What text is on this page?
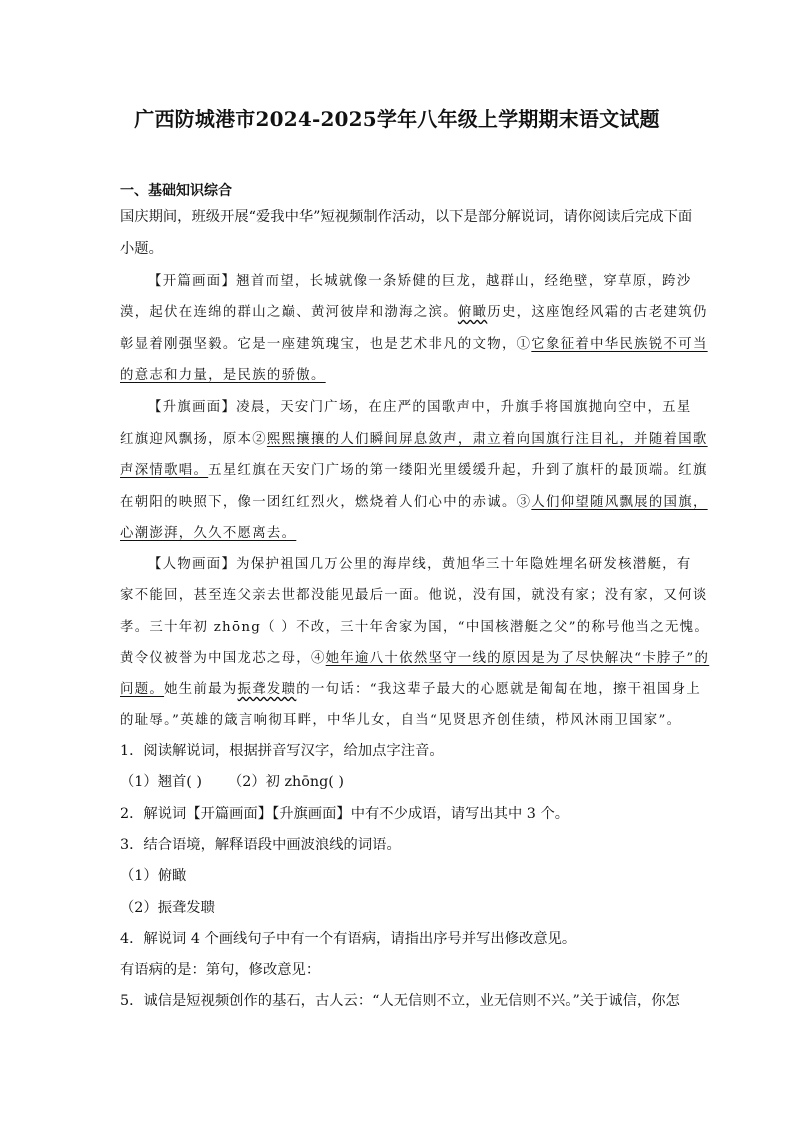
广西防城港市2024-2025学年八年级上学期期末语文试题
一、基础知识综合
国庆期间，班级开展“爱我中华”短视频制作活动，以下是部分解说词，请你阅读后完成下面
小题。
【开篇画面】翘首而望，长城就像一条矫健的巨龙，越群山，经绝壁，穿草原，跨沙
漠，起伏在连绵的群山之巅、黄河彼岸和渤海之滨。俯瞰历史，这座饱经风霜的古老建筑仍
彰显着刚强坚毅。它是一座建筑瑰宝，也是艺术非凡的文物，①它象征着中华民族锐不可当
的意志和力量，是民族的骄傲。
【升旗画面】凌晨，天安门广场，在庄严的国歌声中，升旗手将国旗抛向空中，五星
红旗迎风飘扬，原本②熙熙攘攘的人们瞬间屏息敛声，肃立着向国旗行注目礼，并随着国歌
声深情歌唱。五星红旗在天安门广场的第一缕阳光里缓缓升起，升到了旗杆的最顶端。红旗
在朝阳的映照下，像一团红红烈火，燃烧着人们心中的赤诚。③人们仰望随风飘展的国旗，
心潮澎湃，久久不愿离去。
【人物画面】为保护祖国几万公里的海岸线，黄旭华三十年隐姓埋名研发核潜艇，有
家不能回，甚至连父亲去世都没能见最后一面。他说，没有国，就没有家；没有家，又何谈
孝。三十年初 zhōng（ ）不改，三十年舍家为国，“中国核潜艇之父”的称号他当之无愧。
黄令仪被誉为中国龙芯之母，④她年逾八十依然坚守一线的原因是为了尽快解决“卡脖子”的
问题。她生前最为振聋发聩的一句话：“我这辈子最大的心愿就是匍匐在地，擦干祖国身上
的耻辱。”英雄的箴言响彻耳畔，中华儿女，自当“见贤思齐创佳绩，栉风沐雨卫国家”。
1．阅读解说词，根据拼音写汉字，给加点字注音。
（1）翘首( ) （2）初 zhōng( )
2．解说词【开篇画面】【升旗画面】中有不少成语，请写出其中 3 个。
3．结合语境，解释语段中画波浪线的词语。
（1）俯瞰
（2）振聋发聩
4．解说词 4 个画线句子中有一个有语病，请指出序号并写出修改意见。
有语病的是：第句，修改意见：
5．诚信是短视频创作的基石，古人云：“人无信则不立，业无信则不兴。”关于诚信，你怎
